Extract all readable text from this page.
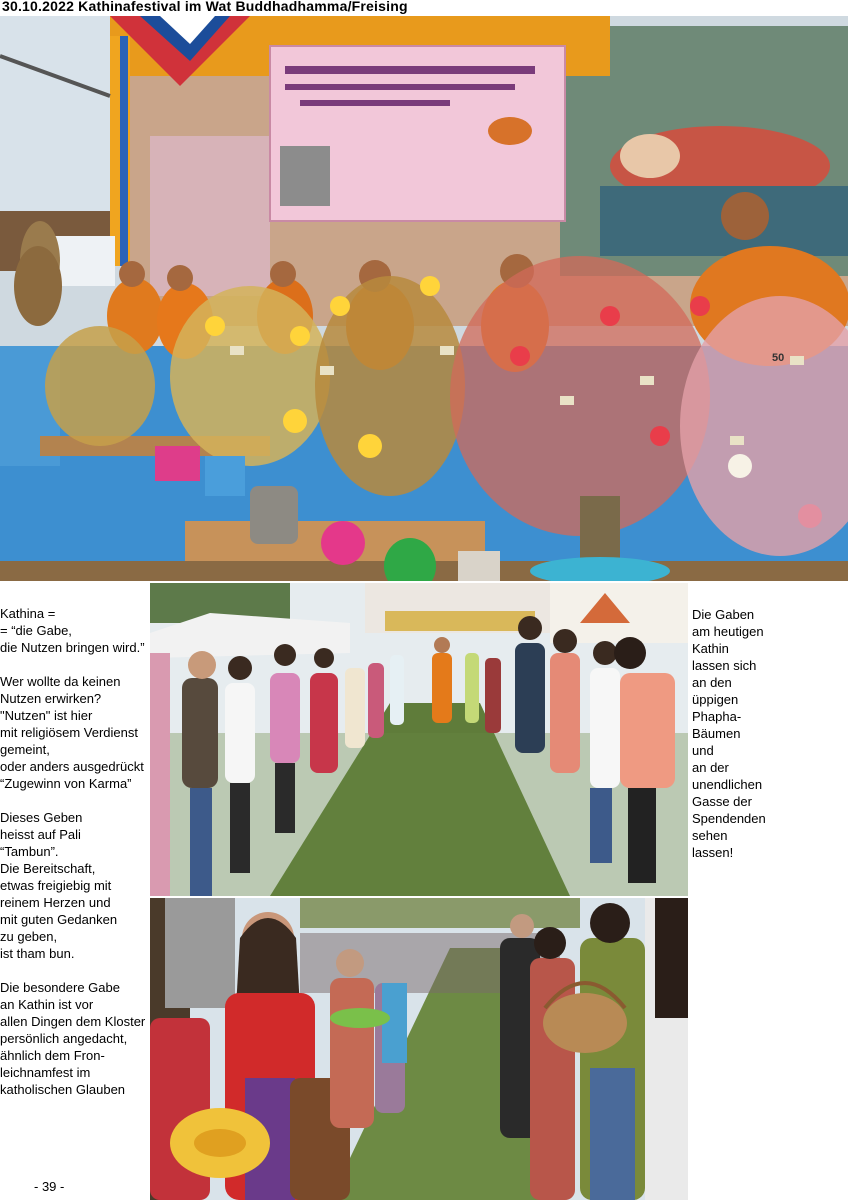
30.10.2022 Kathinafestival im Wat Buddhadhamma/Freising
50
Kathina =
= “die Gabe,
die Nutzen bringen wird.”

Wer wollte da keinen Nutzen erwirken?
"Nutzen" ist hier
mit religiösem Verdienst gemeint,
oder anders ausgedrückt
“Zugewinn von Karma”

Dieses Geben
heisst auf Pali
“Tambun”.
Die Bereitschaft,
etwas freigiebig mit reinem Herzen und
mit guten Gedanken
zu geben,
ist tham bun.

Die besondere Gabe
an Kathin ist vor
allen Dingen dem Kloster persönlich angedacht,
ähnlich dem Fron-
leichnamfest im katholischen Glauben
Die Gaben
am heutigen
Kathin
lassen sich
an den
üppigen
Phapha-
Bäumen
und
an der
unendlichen
Gasse der
Spendenden
sehen
lassen!
- 39 -
